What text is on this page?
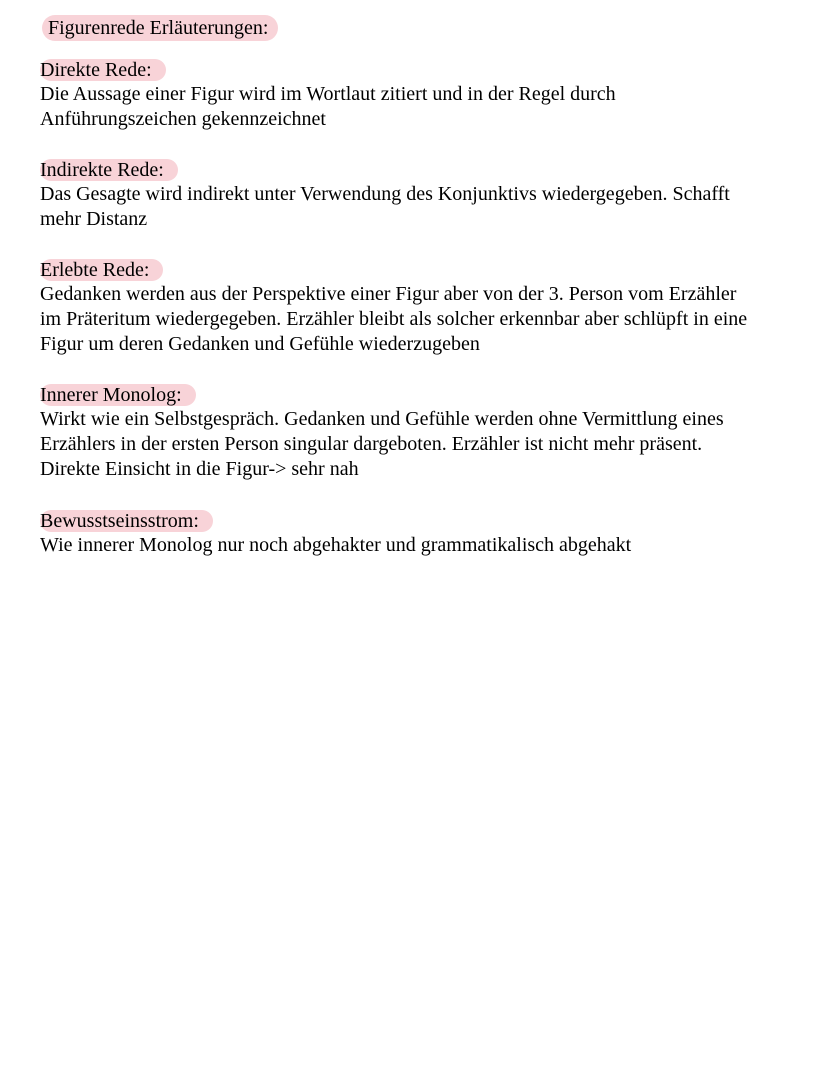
Figurenrede Erläuterungen:
Direkte Rede:
Die Aussage einer Figur wird im Wortlaut zitiert und in der Regel durch
Anführungszeichen gekennzeichnet
Indirekte Rede:
Das Gesagte wird indirekt unter Verwendung des Konjunktivs wiedergegeben. Schafft
mehr Distanz
Erlebte Rede:
Gedanken werden aus der Perspektive einer Figur aber von der 3. Person vom Erzähler
im Präteritum wiedergegeben. Erzähler bleibt als solcher erkennbar aber schlüpft in eine
Figur um deren Gedanken und Gefühle wiederzugeben
Innerer Monolog:
Wirkt wie ein Selbstgespräch. Gedanken und Gefühle werden ohne Vermittlung eines
Erzählers in der ersten Person singular dargeboten. Erzähler ist nicht mehr präsent.
Direkte Einsicht in die Figur-> sehr nah
Bewusstseinsstrom:
Wie innerer Monolog nur noch abgehakter und grammatikalisch abgehakt
